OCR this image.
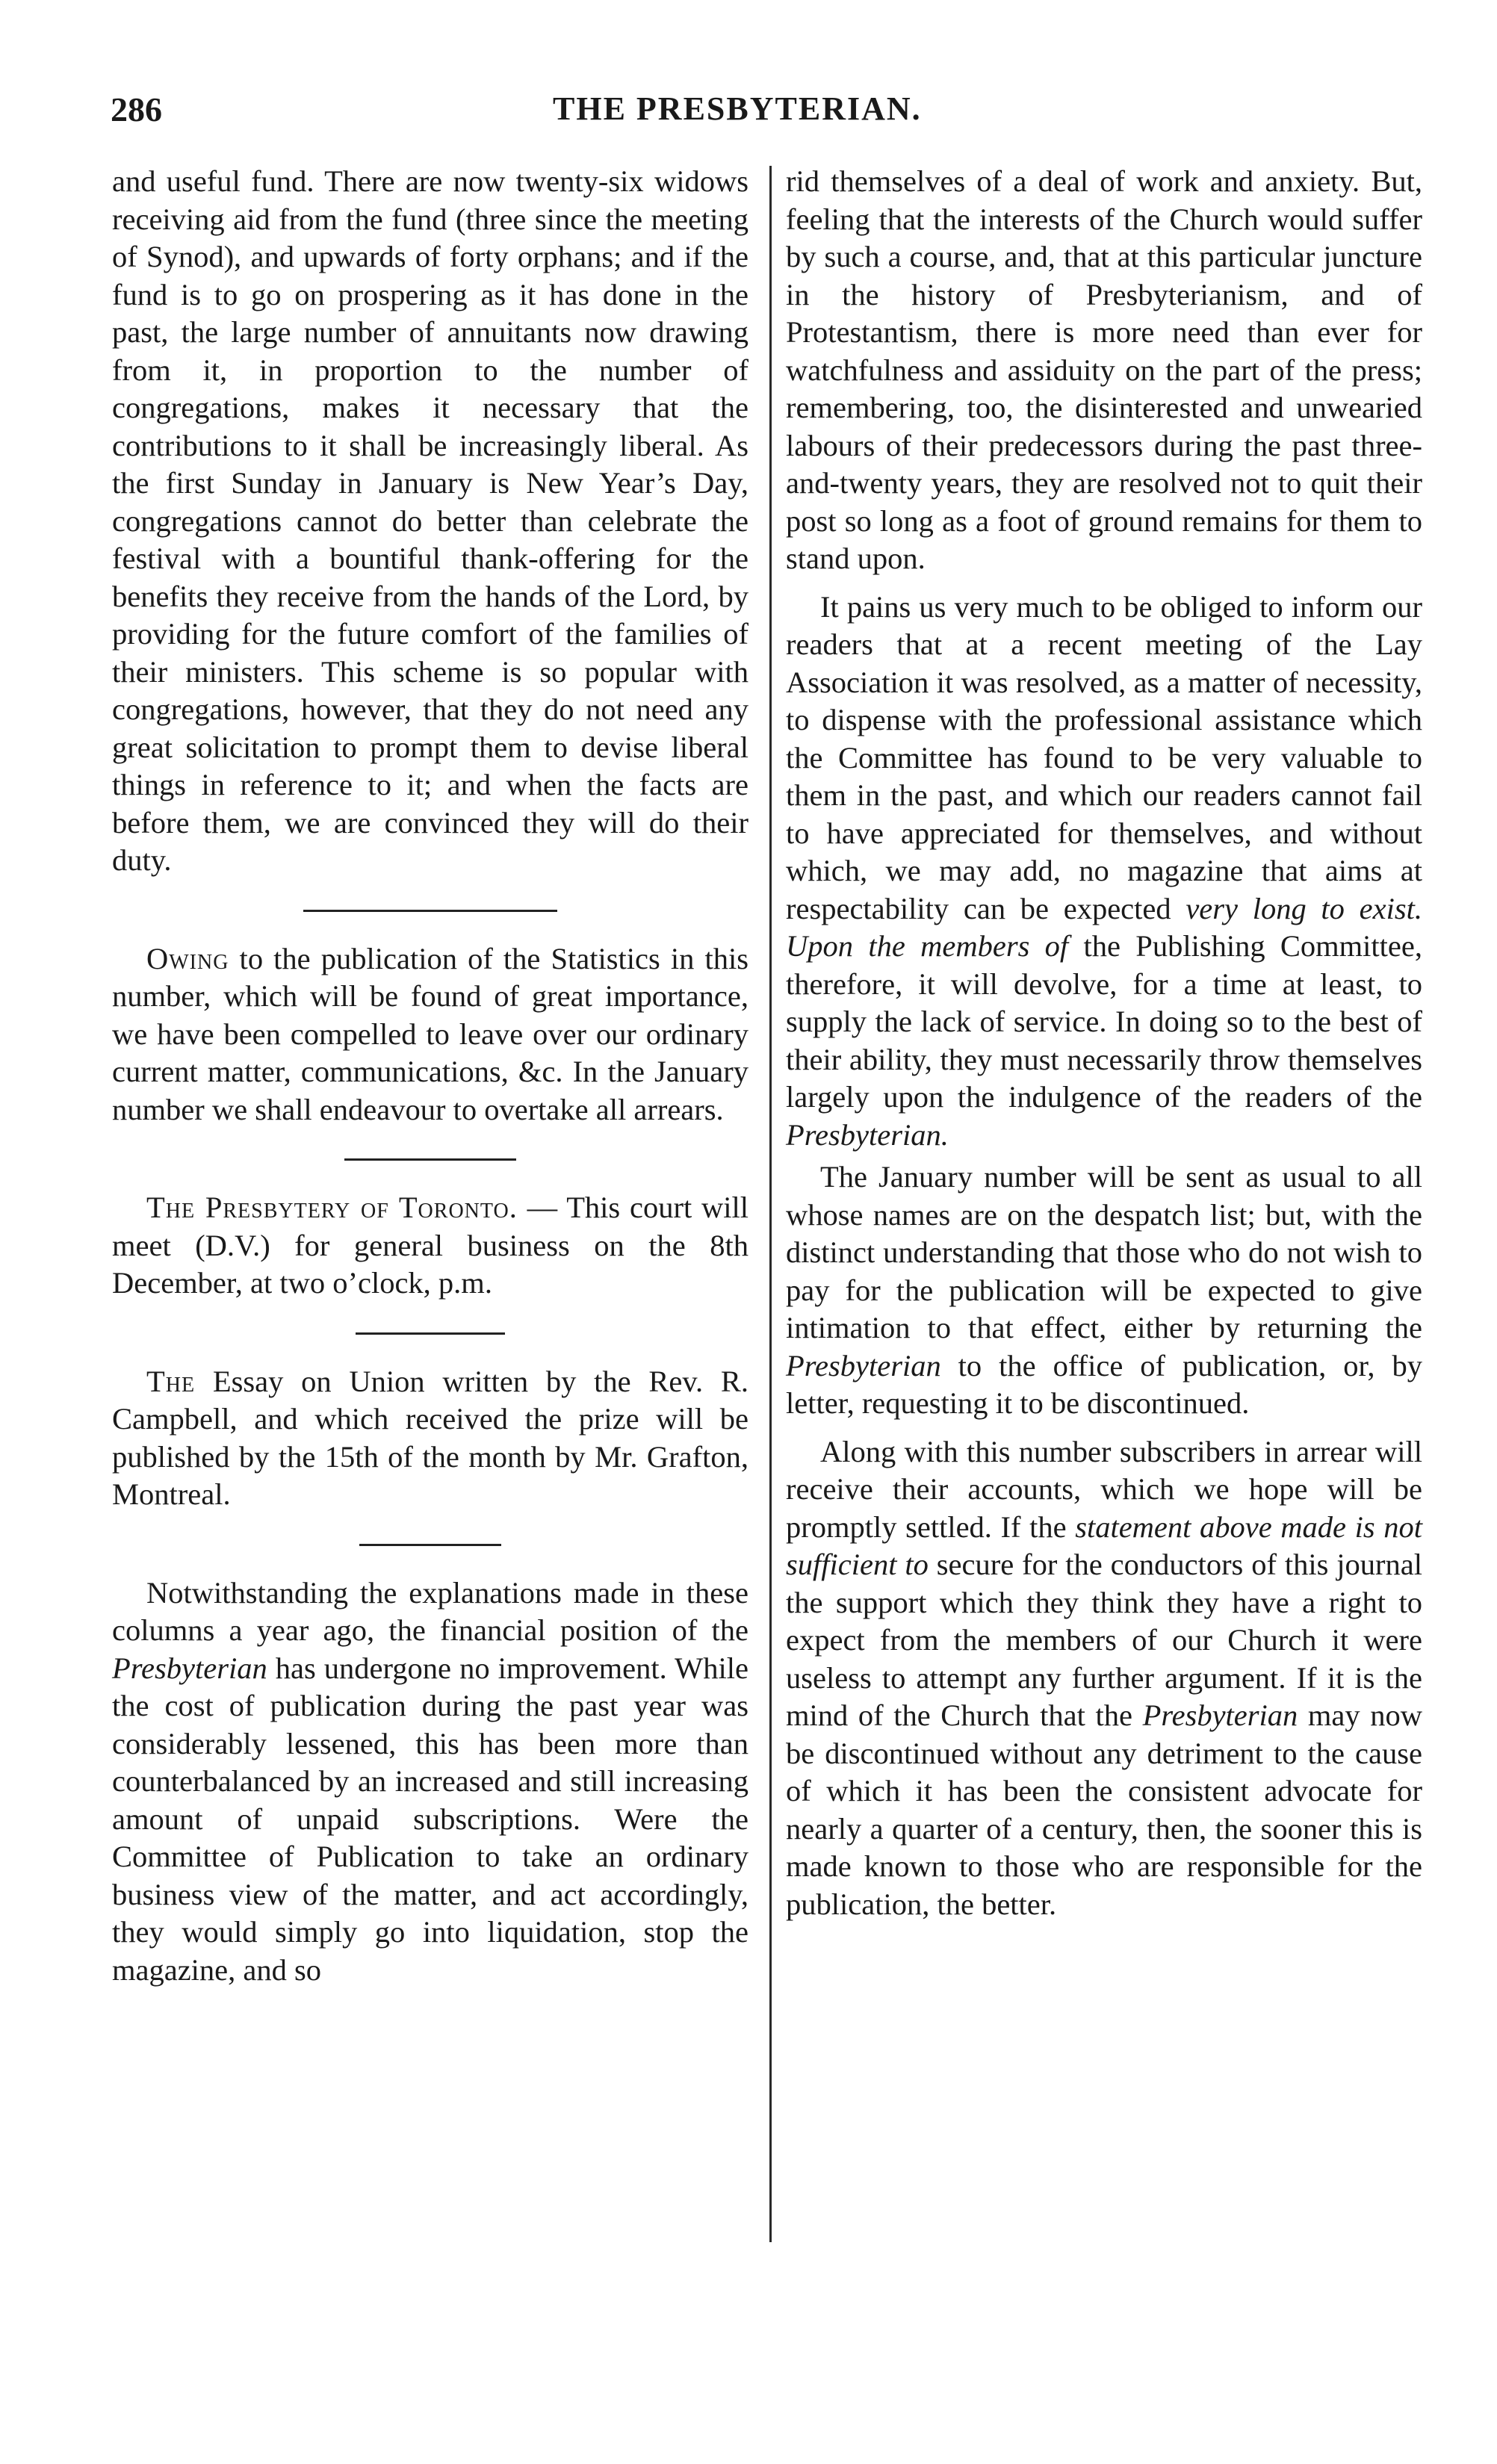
286	THE PRESBYTERIAN.

and useful fund. There are now twenty-six widows receiving aid from the fund (three since the meeting of Synod), and upwards of forty orphans; and if the fund is to go on prospering as it has done in the past, the large number of annuitants now drawing from it, in proportion to the number of congregations, makes it necessary that the contributions to it shall be increasingly liberal. As the first Sunday in January is New Year’s Day, congregations cannot do better than celebrate the festival with a bountiful thank-offering for the benefits they receive from the hands of the Lord, by providing for the future comfort of the families of their ministers. This scheme is so popular with congregations, however, that they do not need any great solicitation to prompt them to devise liberal things in reference to it; and when the facts are before them, we are convinced they will do their duty.

Owing to the publication of the Statistics in this number, which will be found of great importance, we have been compelled to leave over our ordinary current matter, communications, &c. In the January number we shall endeavour to overtake all arrears.

The Presbytery of Toronto. — This court will meet (D.V.) for general business on the 8th December, at two o’clock, p.m.

The Essay on Union written by the Rev. R. Campbell, and which received the prize will be published by the 15th of the month by Mr. Grafton, Montreal.

Notwithstanding the explanations made in these columns a year ago, the financial position of the Presbyterian has undergone no improvement. While the cost of publication during the past year was considerably lessened, this has been more than counterbalanced by an increased and still increasing amount of unpaid subscriptions. Were the Committee of Publication to take an ordinary business view of the matter, and act accordingly, they would simply go into liquidation, stop the magazine, and so

rid themselves of a deal of work and anxiety. But, feeling that the interests of the Church would suffer by such a course, and, that at this particular juncture in the history of Presbyterianism, and of Protestantism, there is more need than ever for watchfulness and assiduity on the part of the press; remembering, too, the disinterested and unwearied labours of their predecessors during the past three-and-twenty years, they are resolved not to quit their post so long as a foot of ground remains for them to stand upon.

It pains us very much to be obliged to inform our readers that at a recent meeting of the Lay Association it was resolved, as a matter of necessity, to dispense with the professional assistance which the Committee has found to be very valuable to them in the past, and which our readers cannot fail to have appreciated for themselves, and without which, we may add, no magazine that aims at respectability can be expected very long to exist. Upon the members of the Publishing Committee, therefore, it will devolve, for a time at least, to supply the lack of service. In doing so to the best of their ability, they must necessarily throw themselves largely upon the indulgence of the readers of the Presbyterian.

The January number will be sent as usual to all whose names are on the despatch list; but, with the distinct understanding that those who do not wish to pay for the publication will be expected to give intimation to that effect, either by returning the Presbyterian to the office of publication, or, by letter, requesting it to be discontinued.

Along with this number subscribers in arrear will receive their accounts, which we hope will be promptly settled. If the statement above made is not sufficient to secure for the conductors of this journal the support which they think they have a right to expect from the members of our Church it were useless to attempt any further argument. If it is the mind of the Church that the Presbyterian may now be discontinued without any detriment to the cause of which it has been the consistent advocate for nearly a quarter of a century, then, the sooner this is made known to those who are responsible for the publication, the better.
